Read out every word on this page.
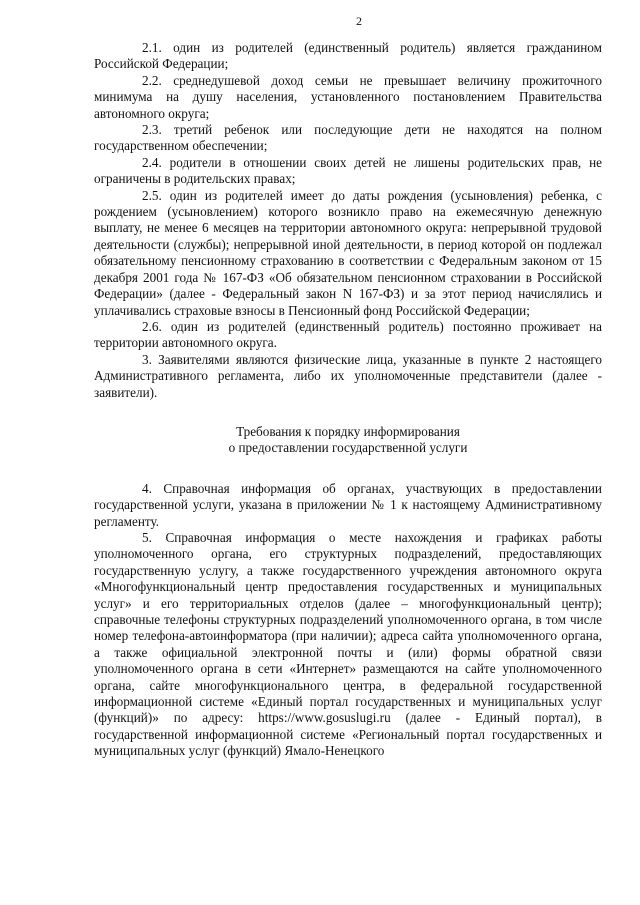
2

2.1. один из родителей (единственный родитель) является гражданином Российской Федерации;

2.2. среднедушевой доход семьи не превышает величину прожиточного минимума на душу населения, установленного постановлением Правительства автономного округа;

2.3. третий ребенок или последующие дети не находятся на полном государственном обеспечении;

2.4. родители в отношении своих детей не лишены родительских прав, не ограничены в родительских правах;

2.5. один из родителей имеет до даты рождения (усыновления) ребенка, с рождением (усыновлением) которого возникло право на ежемесячную денежную выплату, не менее 6 месяцев на территории автономного округа: непрерывной трудовой деятельности (службы); непрерывной иной деятельности, в период которой он подлежал обязательному пенсионному страхованию в соответствии с Федеральным законом от 15 декабря 2001 года № 167-ФЗ «Об обязательном пенсионном страховании в Российской Федерации» (далее - Федеральный закон N 167-ФЗ) и за этот период начислялись и уплачивались страховые взносы в Пенсионный фонд Российской Федерации;

2.6. один из родителей (единственный родитель) постоянно проживает на территории автономного округа.

3. Заявителями являются физические лица, указанные в пункте 2 настоящего Административного регламента, либо их уполномоченные представители (далее - заявители).

Требования к порядку информирования
о предоставлении государственной услуги

4. Справочная информация об органах, участвующих в предоставлении государственной услуги, указана в приложении № 1 к настоящему Административному регламенту.

5. Справочная информация о месте нахождения и графиках работы уполномоченного органа, его структурных подразделений, предоставляющих государственную услугу, а также государственного учреждения автономного округа «Многофункциональный центр предоставления государственных и муниципальных услуг» и его территориальных отделов (далее – многофункциональный центр); справочные телефоны структурных подразделений уполномоченного органа, в том числе номер телефона-автоинформатора (при наличии); адреса сайта уполномоченного органа, а также официальной электронной почты и (или) формы обратной связи уполномоченного органа в сети «Интернет» размещаются на сайте уполномоченного органа, сайте многофункционального центра, в федеральной государственной информационной системе «Единый портал государственных и муниципальных услуг (функций)» по адресу: https://www.gosuslugi.ru (далее - Единый портал), в государственной информационной системе «Региональный портал государственных и муниципальных услуг (функций) Ямало-Ненецкого
